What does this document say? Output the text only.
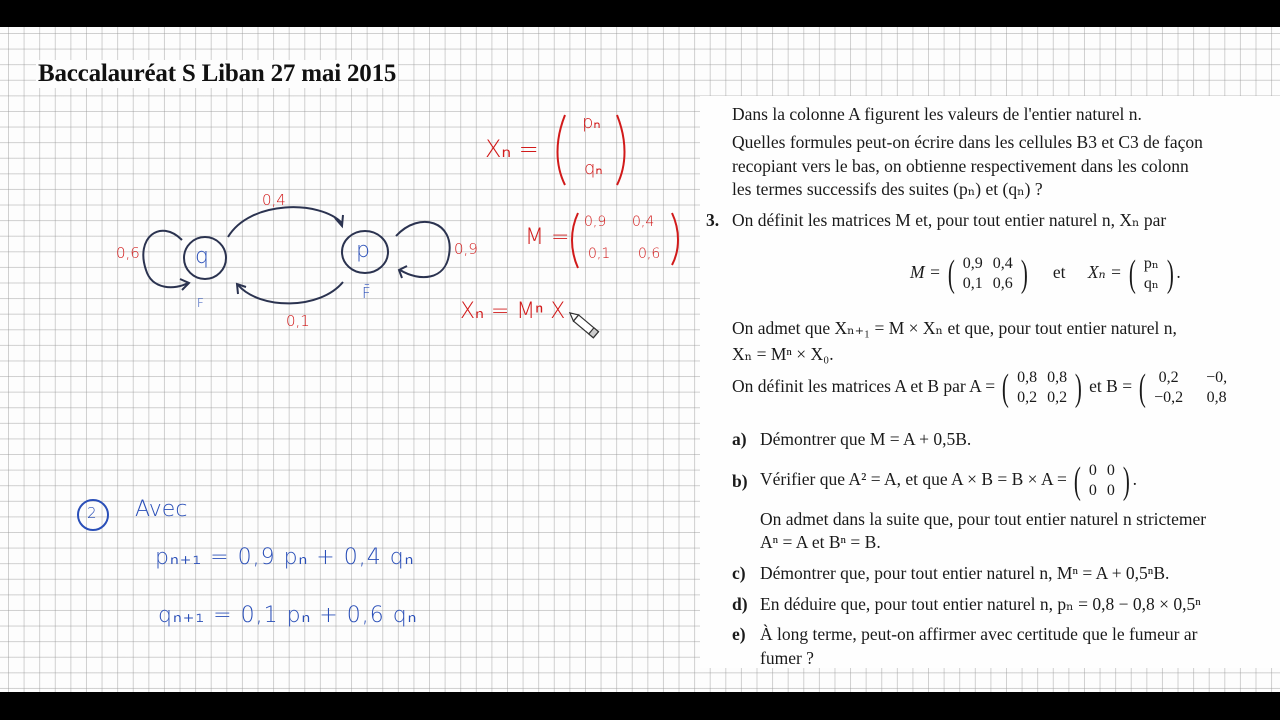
Baccalauréat S Liban 27 mai 2015
q	p
F
F̄
0,6	0,9
0,4
0,1
Xₙ =
pₙ
qₙ
M =
0,9 0,4
0,1 0,6
Xₙ = Mⁿ X
2 Avec
pₙ₊₁ = 0,9 pₙ + 0,4 qₙ
qₙ₊₁ = 0,1 pₙ + 0,6 qₙ
Dans la colonne A figurent les valeurs de l'entier naturel n.
Quelles formules peut-on écrire dans les cellules B3 et C3 de façon
recopiant vers le bas, on obtienne respectivement dans les colonn
les termes successifs des suites (pₙ) et (qₙ) ?
3. On définit les matrices M et, pour tout entier naturel n, Xₙ par
M = ( 0,9	0,4
0,1	0,6 ) et Xₙ = ( pₙ
qₙ ) .
On admet que Xₙ₊₁ = M × Xₙ et que, pour tout entier naturel n,
Xₙ = Mⁿ × X₀.
On définit les matrices A et B par A = ( 0,8	0,8
0,2	0,2 ) et B = ( 0,2	−0,
−0,2	0,8
a) Démontrer que M = A + 0,5B.
b) Vérifier que A² = A, et que A × B = B × A = ( 0	0
0	0 ) .
On admet dans la suite que, pour tout entier naturel n strictemer
Aⁿ = A et Bⁿ = B.
c) Démontrer que, pour tout entier naturel n, Mⁿ = A + 0,5ⁿB.
d) En déduire que, pour tout entier naturel n, pₙ = 0,8 − 0,8 × 0,5ⁿ
e) À long terme, peut-on affirmer avec certitude que le fumeur ar
fumer ?
